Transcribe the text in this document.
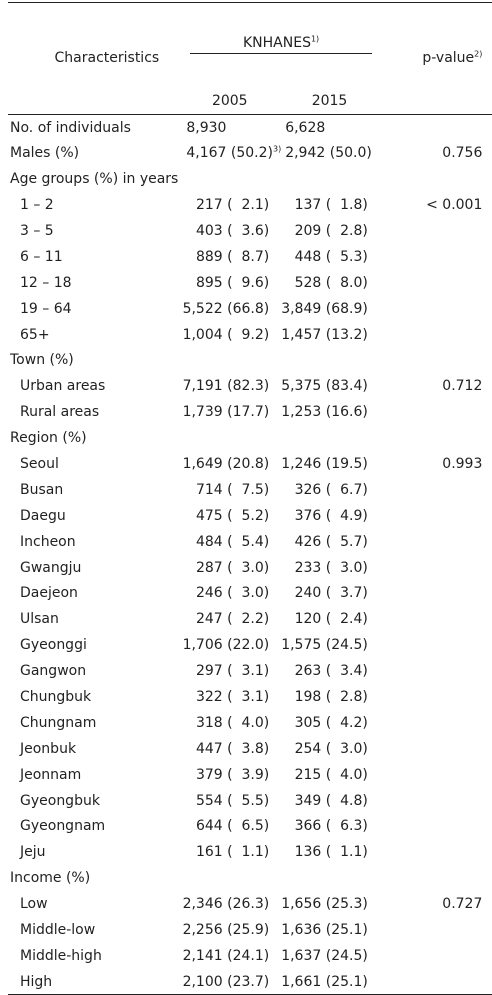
Characteristics	KNHANES$^{1)}$		p-value$^{2)}$

	2005	2015	
No. of individuals	8,930	6,628	
Males (%)	4,167 $(50.2)^{3)}$	2,942 (50.0)	0.756
Age groups (%) in years			
1 – 2	217 (  2.1)	137 (  1.8)	< 0.001
3 – 5	403 (  3.6)	209 (  2.8)	
6 – 11	889 (  8.7)	448 (  5.3)	
12 – 18	895 (  9.6)	528 (  8.0)	
19 – 64	5,522 (66.8)	3,849 (68.9)	
65+	1,004 (  9.2)	1,457 (13.2)	
Town (%)			
Urban areas	7,191 (82.3)	5,375 (83.4)	0.712
Rural areas	1,739 (17.7)	1,253 (16.6)	
Region (%)			
Seoul	1,649 (20.8)	1,246 (19.5)	0.993
Busan	714 (  7.5)	326 (  6.7)	
Daegu	475 (  5.2)	376 (  4.9)	
Incheon	484 (  5.4)	426 (  5.7)	
Gwangju	287 (  3.0)	233 (  3.0)	
Daejeon	246 (  3.0)	240 (  3.7)	
Ulsan	247 (  2.2)	120 (  2.4)	
Gyeonggi	1,706 (22.0)	1,575 (24.5)	
Gangwon	297 (  3.1)	263 (  3.4)	
Chungbuk	322 (  3.1)	198 (  2.8)	
Chungnam	318 (  4.0)	305 (  4.2)	
Jeonbuk	447 (  3.8)	254 (  3.0)	
Jeonnam	379 (  3.9)	215 (  4.0)	
Gyeongbuk	554 (  5.5)	349 (  4.8)	
Gyeongnam	644 (  6.5)	366 (  6.3)	
Jeju	161 (  1.1)	136 (  1.1)	
Income (%)			
Low	2,346 (26.3)	1,656 (25.3)	0.727
Middle-low	2,256 (25.9)	1,636 (25.1)	
Middle-high	2,141 (24.1)	1,637 (24.5)	
High	2,100 (23.7)	1,661 (25.1)	
